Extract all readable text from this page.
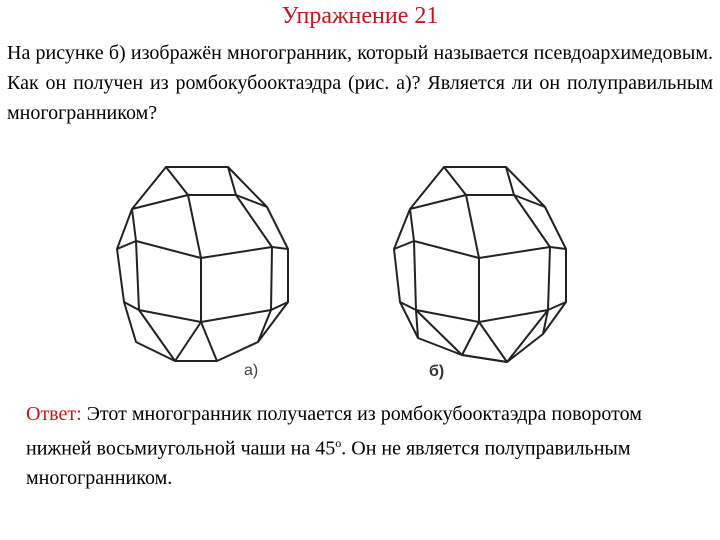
Упражнение 21

На рисунке б) изображён многогранник, который называется псевдоархимедовым. Как он получен из ромбокубооктаэдра (рис. а)? Является ли он полуправильным многогранником?

а)	б)

Ответ: Этот многогранник получается из ромбокубооктаэдра поворотом нижней восьмиугольной чаши на $45^о$. Он не является полуправильным многогранником.
